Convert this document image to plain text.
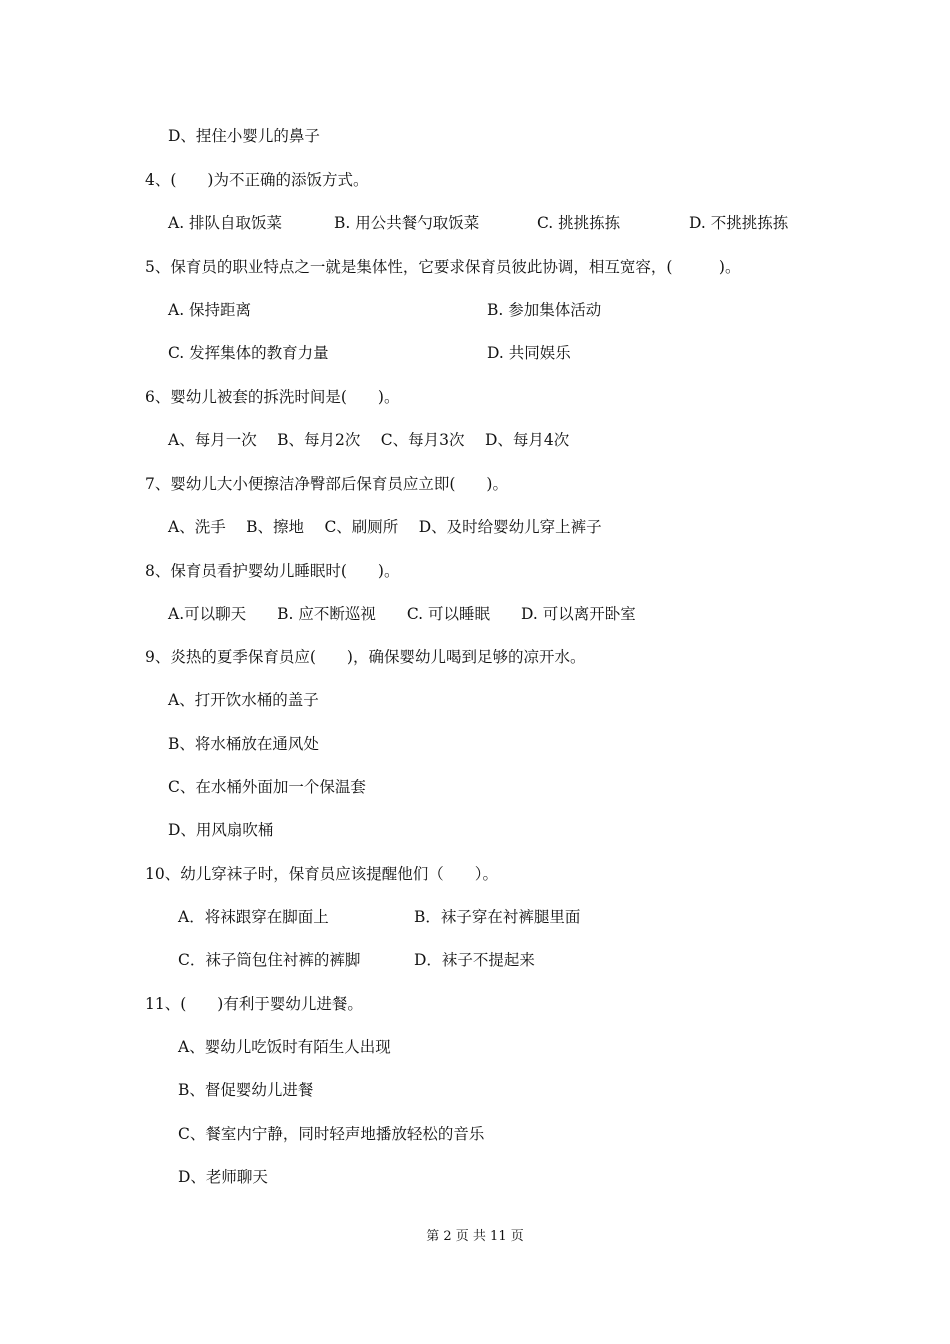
D、捏住小婴儿的鼻子
4、(　　)为不正确的添饭方式。
A. 排队自取饭菜	B. 用公共餐勺取饭菜	C. 挑挑拣拣	D. 不挑挑拣拣
5、保育员的职业特点之一就是集体性，它要求保育员彼此协调，相互宽容，(　　　)。
A. 保持距离	B. 参加集体活动
C. 发挥集体的教育力量	D. 共同娱乐
6、婴幼儿被套的拆洗时间是(　　)。
A、每月一次　 B、每月2次　 C、每月3次　 D、每月4次
7、婴幼儿大小便擦洁净臀部后保育员应立即(　　)。
A、洗手　 B、擦地　 C、刷厕所　 D、及时给婴幼儿穿上裤子
8、保育员看护婴幼儿睡眠时(　　)。
A.可以聊天　　B. 应不断巡视　　C. 可以睡眠　　D. 可以离开卧室
9、炎热的夏季保育员应(　　)，确保婴幼儿喝到足够的凉开水。
A、打开饮水桶的盖子
B、将水桶放在通风处
C、在水桶外面加一个保温套
D、用风扇吹桶
10、幼儿穿袜子时，保育员应该提醒他们（　　）。
A．将袜跟穿在脚面上	B．袜子穿在衬裤腿里面
C．袜子筒包住衬裤的裤脚	D．袜子不提起来
11、(　　)有利于婴幼儿进餐。
A、婴幼儿吃饭时有陌生人出现
B、督促婴幼儿进餐
C、餐室内宁静，同时轻声地播放轻松的音乐
D、老师聊天
第 2 页 共 11 页
